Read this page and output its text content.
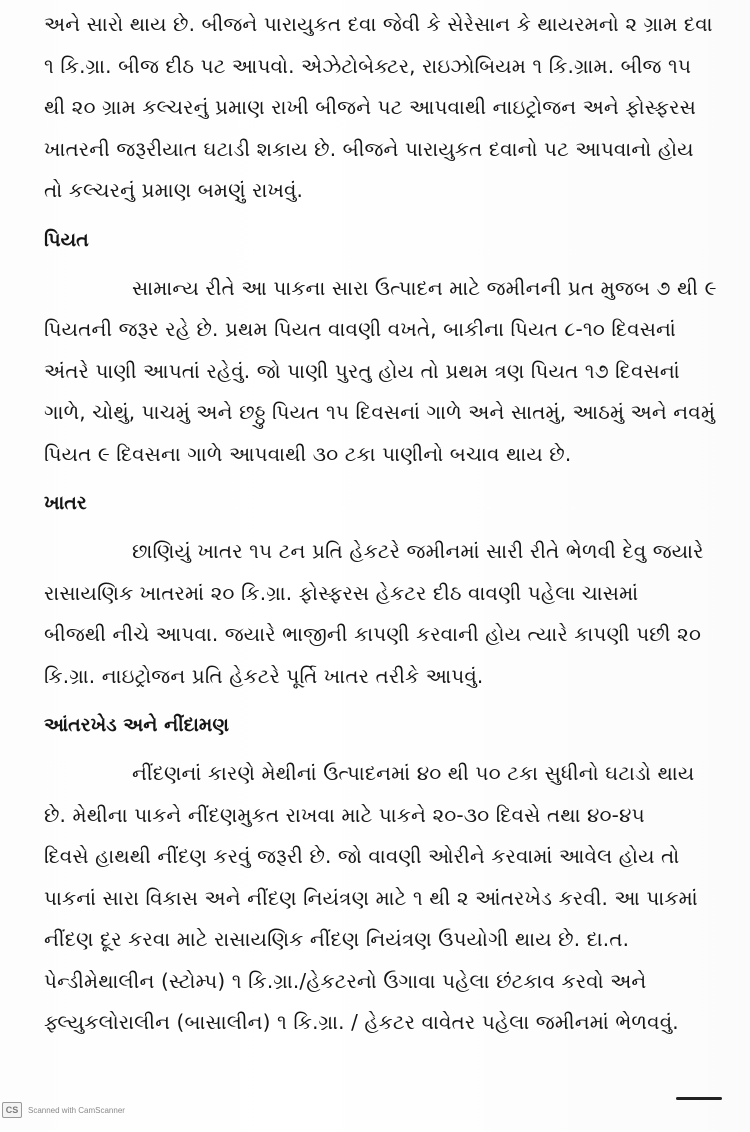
અને સારો થાય છે. બીજને પારાયુકત દવા જેવી કે સેરેસાન કે થાયરમનો ૨ ગ્રામ દવા
૧ કિ.ગ્રા. બીજ દીઠ પટ આપવો. એઝેટોબેક્ટર, રાઇઝોબિયમ ૧ કિ.ગ્રામ. બીજ ૧૫
થી ૨૦ ગ્રામ કલ્ચરનું પ્રમાણ રાખી બીજને પટ આપવાથી નાઇટ્રોજન અને ફોસ્ફરસ
ખાતરની જરૂરીયાત ઘટાડી શકાય છે. બીજને પારાયુકત દવાનો પટ આપવાનો હોય
તો કલ્ચરનું પ્રમાણ બમણું રાખવું.
પિયત
સામાન્ય રીતે આ પાકના સારા ઉત્પાદન માટે જમીનની પ્રત મુજબ ૭ થી ૯
પિયતની જરૂર રહે છે. પ્રથમ પિયત વાવણી વખતે, બાકીના પિયત ૮-૧૦ દિવસનાં
અંતરે પાણી આપતાં રહેવું. જો પાણી પુરતુ હોય તો પ્રથમ ત્રણ પિયત ૧૭ દિવસનાં
ગાળે, ચોથું, પાચમું અને છઠ્ઠુ પિયત ૧૫ દિવસનાં ગાળે અને સાતમું, આઠમું અને નવમું
પિયત ૯ દિવસના ગાળે આપવાથી ૩૦ ટકા પાણીનો બચાવ થાય છે.
ખાતર
છાણિયું ખાતર ૧૫ ટન પ્રતિ હેકટરે જમીનમાં સારી રીતે ભેળવી દેવુ જયારે
રાસાયણિક ખાતરમાં ૨૦ કિ.ગ્રા. ફોસ્ફરસ હેકટર દીઠ વાવણી પહેલા ચાસમાં
બીજથી નીચે આપવા. જયારે ભાજીની કાપણી કરવાની હોય ત્યારે કાપણી પછી ૨૦
કિ.ગ્રા. નાઇટ્રોજન પ્રતિ હેકટરે પૂર્તિ ખાતર તરીકે આપવું.
આંતરખેડ અને નીંદામણ
નીંદણનાં કારણે મેથીનાં ઉત્પાદનમાં ૪૦ થી ૫૦ ટકા સુધીનો ઘટાડો થાય
છે. મેથીના પાકને નીંદણમુકત રાખવા માટે પાકને ૨૦-૩૦ દિવસે તથા ૪૦-૪૫
દિવસે હાથથી નીંદણ કરવું જરૂરી છે. જો વાવણી ઓરીને કરવામાં આવેલ હોય તો
પાકનાં સારા વિકાસ અને નીંદણ નિયંત્રણ માટે ૧ થી ૨ આંતરખેડ કરવી. આ પાકમાં
નીંદણ દૂર કરવા માટે રાસાયણિક નીંદણ નિયંત્રણ ઉપયોગી થાય છે. દા.ત.
પેન્ડીમેથાલીન (સ્ટોમ્પ) ૧ કિ.ગ્રા./હેકટરનો ઉગાવા પહેલા છંટકાવ કરવો અને
ફ્લ્યુકલોરાલીન (બાસાલીન) ૧ કિ.ગ્રા. / હેકટર વાવેતર પહેલા જમીનમાં ભેળવવું.
CS	Scanned with CamScanner
